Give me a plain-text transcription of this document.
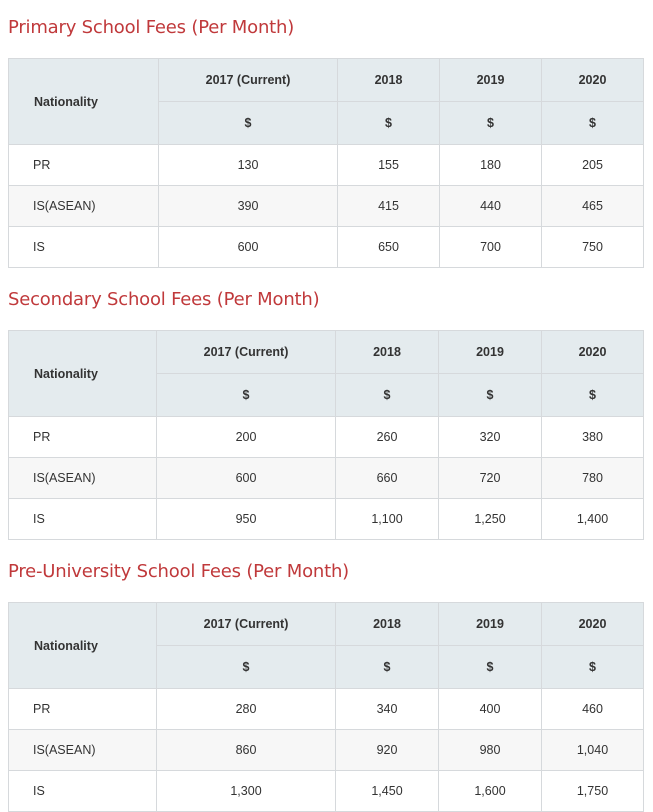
Primary School Fees (Per Month)
Nationality	2017 (Current)	2018	2019	2020
	$	$	$	$
PR	130	155	180	205
IS(ASEAN)	390	415	440	465
IS	600	650	700	750
Secondary School Fees (Per Month)
Nationality	2017 (Current)	2018	2019	2020
	$	$	$	$
PR	200	260	320	380
IS(ASEAN)	600	660	720	780
IS	950	1,100	1,250	1,400
Pre-University School Fees (Per Month)
Nationality	2017 (Current)	2018	2019	2020
	$	$	$	$
PR	280	340	400	460
IS(ASEAN)	860	920	980	1,040
IS	1,300	1,450	1,600	1,750
